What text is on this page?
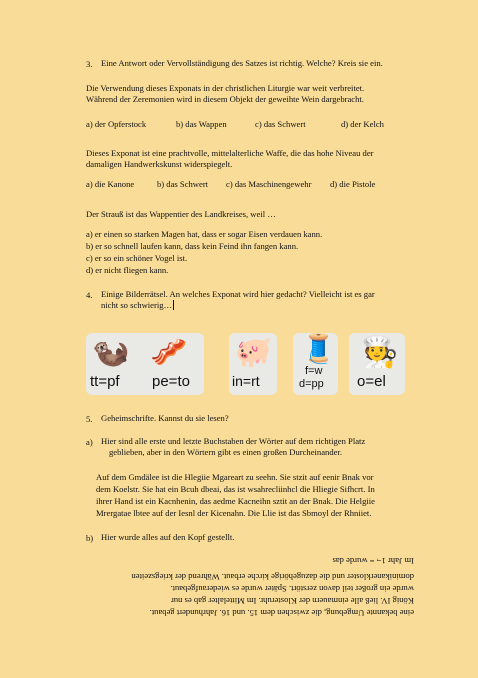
3. Eine Antwort oder Vervollständigung des Satzes ist richtig. Welche? Kreis sie ein.
Die Verwendung dieses Exponats in der christlichen Liturgie war weit verbreitet.
Während der Zeremonien wird in diesem Objekt der geweihte Wein dargebracht.
a) der Opferstock	b) das Wappen	c) das Schwert	d) der Kelch
Dieses Exponat ist eine prachtvolle, mittelalterliche Waffe, die das hohe Niveau der
damaligen Handwerkskunst widerspiegelt.
a) die Kanone	b) das Schwert c) das Maschinengewehr d) die Pistole
Der Strauß ist das Wappentier des Landkreises, weil …
a) er einen so starken Magen hat, dass er sogar Eisen verdauen kann.
b) er so schnell laufen kann, dass kein Feind ihn fangen kann.
c) er so ein schöner Vogel ist.
d) er nicht fliegen kann.
4. Einige Bilderrätsel. An welches Exponat wird hier gedacht? Vielleicht ist es gar
nicht so schwierig…
🦦 🥓
tt=pf pe=to
🐖
in=rt
🧵
f=w
d=pp
🧑‍🍳
o=el
5. Geheimschrifte. Kannst du sie lesen?
a) Hier sind alle erste und letzte Buchstaben der Wörter auf dem richtigen Platz
geblieben, aber in den Wörtern gibt es einen großen Durcheinander.
Auf dem Gmdälee ist die Hlegiie Mgareart zu seehn. Sie stzit auf eenir Bnak vor
dem Koelstr. Sie hat ein Bcuh dbeai, das ist wsahrecliinhcl die Hliegie Sifhcrt. In
ihrer Hand ist ein Kacnhenin, das aedme Kacneihn sztit an der Bnak. Die Helgiie
Mrergatae lbtee auf der Iesnl der Kicenahn. Die Llie ist das Sbmoyl der Rhniiet.
b) Hier wurde alles auf den Kopf gestellt.
eine bekannte Umgebung, die zwischen dem 15. und 16. Jahrhundert gebaut.
König IV. ließ alle einmauern der Klosteruhr. Im Mittelalter gab es nur
wurde ein großer teil davon zerstört. Später wurde es wiederaufgebaut.
dominikanerkloster und die dazugehörige kirche erbaut. Während der kriegszeiten
Im Jahr 1¬ = wurde das
